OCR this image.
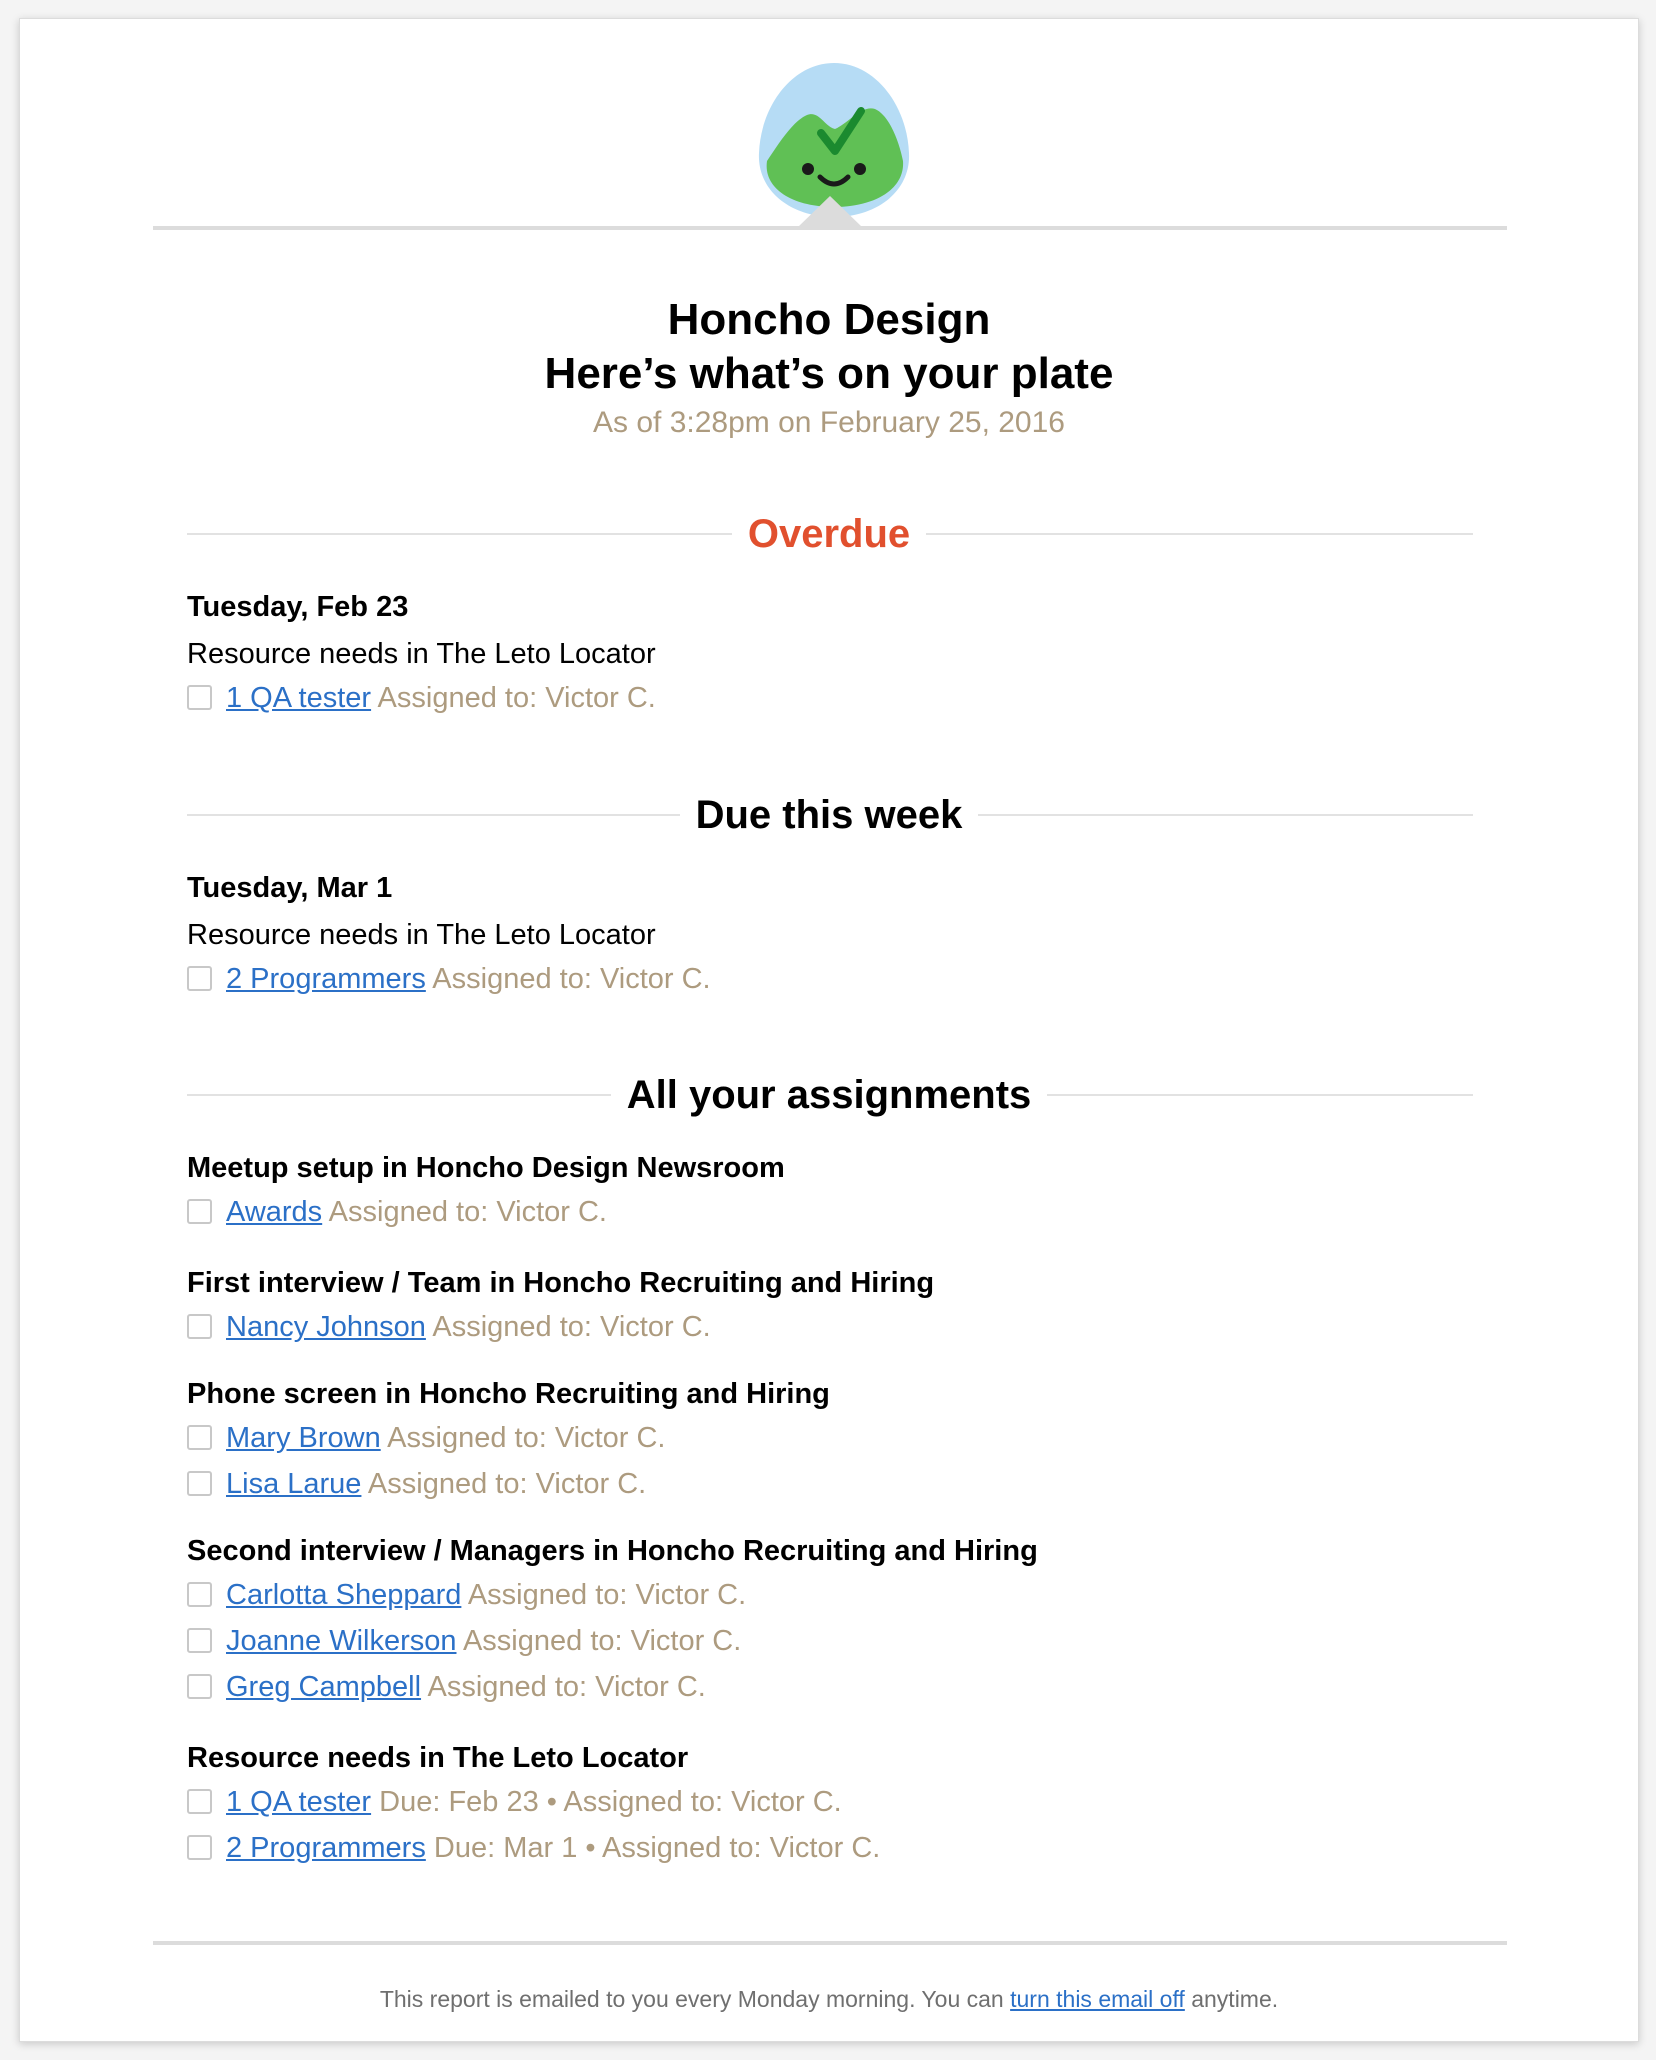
Honcho Design
Here’s what’s on your plate
As of 3:28pm on February 25, 2016
Overdue
Tuesday, Feb 23
Resource needs in The Leto Locator
1 QA tester Assigned to: Victor C.
Due this week
Tuesday, Mar 1
Resource needs in The Leto Locator
2 Programmers Assigned to: Victor C.
All your assignments
Meetup setup in Honcho Design Newsroom
Awards Assigned to: Victor C.
First interview / Team in Honcho Recruiting and Hiring
Nancy Johnson Assigned to: Victor C.
Phone screen in Honcho Recruiting and Hiring
Mary Brown Assigned to: Victor C.
Lisa Larue Assigned to: Victor C.
Second interview / Managers in Honcho Recruiting and Hiring
Carlotta Sheppard Assigned to: Victor C.
Joanne Wilkerson Assigned to: Victor C.
Greg Campbell Assigned to: Victor C.
Resource needs in The Leto Locator
1 QA tester Due: Feb 23 • Assigned to: Victor C.
2 Programmers Due: Mar 1 • Assigned to: Victor C.
This report is emailed to you every Monday morning. You can turn this email off anytime.
